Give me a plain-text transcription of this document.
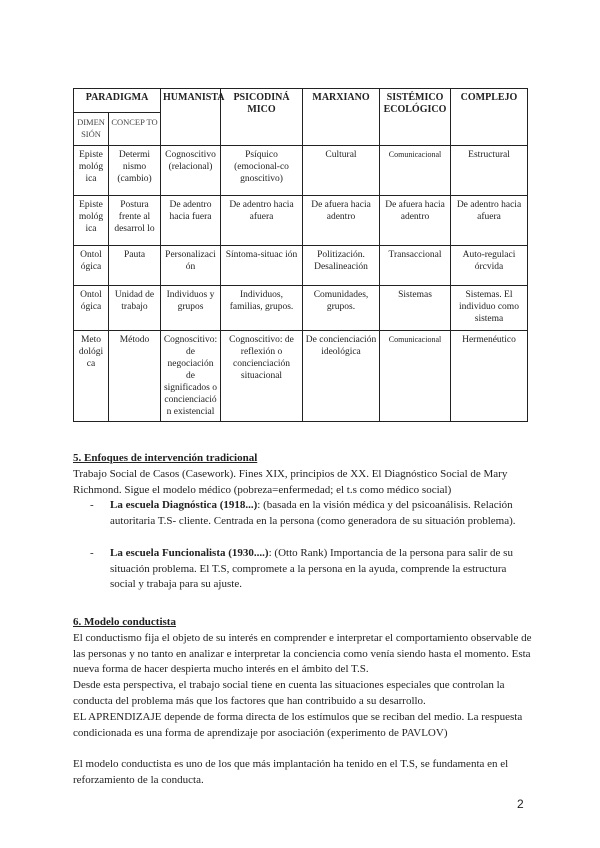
PARADIGMA		HUMANISTA	PSICODINÁ MICO	MARXIANO	SISTÉMICO ECOLÓGICO	COMPLEJO
DIMEN SIÓN	CONCEP TO					
Episte mológ ica	Determi nismo (cambio)	Cognoscitivo (relacional)	Psíquico (emocional-co gnoscitivo)	Cultural	Comunicacional	Estructural
Episte mológ ica	Postura frente al desarrol lo	De adentro hacia fuera	De adentro hacia afuera	De afuera hacia adentro	De afuera hacia adentro	De adentro hacia afuera
Ontol ógica	Pauta	Personalizaci ón	Síntoma-situac ión	Politización. Desalineación	Transaccional	Auto-regulaci órcvida
Ontol ógica	Unidad de trabajo	Individuos y grupos	Individuos, familias, grupos.	Comunidades, grupos.	Sistemas	Sistemas. El individuo como sistema
Meto dológi ca	Método	Cognoscitivo: de negociación de significados o concienciació n existencial	Cognoscitivo: de reflexión o concienciación situacional	De concienciación ideológica	Comunicacional	Hermenéutico

5. Enfoques de intervención tradicional

Trabajo Social de Casos (Casework). Fines XIX, principios de XX. El Diagnóstico Social de Mary Richmond. Sigue el modelo médico (pobreza=enfermedad; el t.s como médico social)

- La escuela Diagnóstica (1918...): (basada en la visión médica y del psicoanálisis. Relación autoritaria T.S- cliente. Centrada en la persona (como generadora de su situación problema).

- La escuela Funcionalista (1930....): (Otto Rank) Importancia de la persona para salir de su situación problema. El T.S, compromete a la persona en la ayuda, comprende la estructura social y trabaja para su ajuste.

6. Modelo conductista

El conductismo fija el objeto de su interés en comprender e interpretar el comportamiento observable de las personas y no tanto en analizar e interpretar la conciencia como venía siendo hasta el momento. Esta nueva forma de hacer despierta mucho interés en el ámbito del T.S.

Desde esta perspectiva, el trabajo social tiene en cuenta las situaciones especiales que controlan la conducta del problema más que los factores que han contribuido a su desarrollo.

EL APRENDIZAJE depende de forma directa de los estímulos que se reciban del medio. La respuesta condicionada es una forma de aprendizaje por asociación (experimento de PAVLOV)

El modelo conductista es uno de los que más implantación ha tenido en el T.S, se fundamenta en el reforzamiento de la conducta.

2
